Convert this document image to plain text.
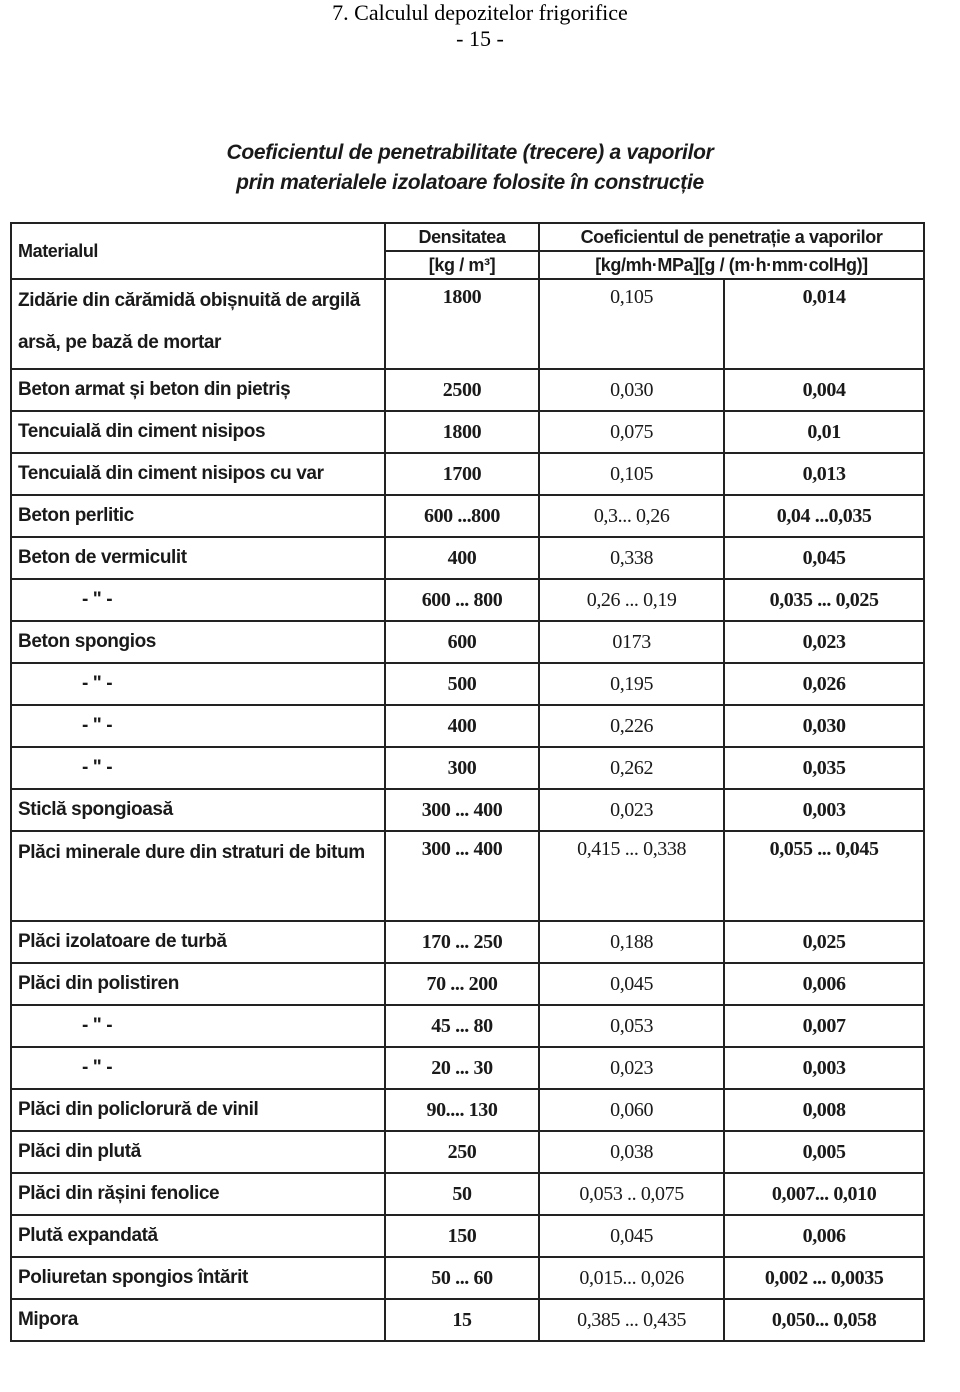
7. Calculul depozitelor frigorifice
- 15 -
Coeficientul de penetrabilitate (trecere) a vaporilor
prin materialele izolatoare folosite în construcție
Materialul	Densitatea	Coeficientul de penetrație a vaporilor	
	[kg / m³]	[kg/mh·MPa][g / (m·h·mm·colHg)]	
Zidărie din cărămidă obișnuită de argilă arsă, pe bază de mortar	1800	0,105	0,014
Beton armat și beton din pietriș	2500	0,030	0,004
Tencuială din ciment nisipos	1800	0,075	0,01
Tencuială din ciment nisipos cu var	1700	0,105	0,013
Beton perlitic	600 ...800	0,3... 0,26	0,04 ...0,035
Beton de vermiculit	400	0,338	0,045
- " -	600 ... 800	0,26 ... 0,19	0,035 ... 0,025
Beton spongios	600	0173	0,023
- " -	500	0,195	0,026
- " -	400	0,226	0,030
- " -	300	0,262	0,035
Sticlă spongioasă	300 ... 400	0,023	0,003
Plăci minerale dure din straturi de bitum	300 ... 400	0,415 ... 0,338	0,055 ... 0,045
Plăci izolatoare de turbă	170 ... 250	0,188	0,025
Plăci din polistiren	70 ... 200	0,045	0,006
- " -	45 ... 80	0,053	0,007
- " -	20 ... 30	0,023	0,003
Plăci din policlorură de vinil	90.... 130	0,060	0,008
Plăci din plută	250	0,038	0,005
Plăci din rășini fenolice	50	0,053 .. 0,075	0,007... 0,010
Plută expandată	150	0,045	0,006
Poliuretan spongios întărit	50 ... 60	0,015... 0,026	0,002 ... 0,0035
Mipora	15	0,385 ... 0,435	0,050... 0,058
